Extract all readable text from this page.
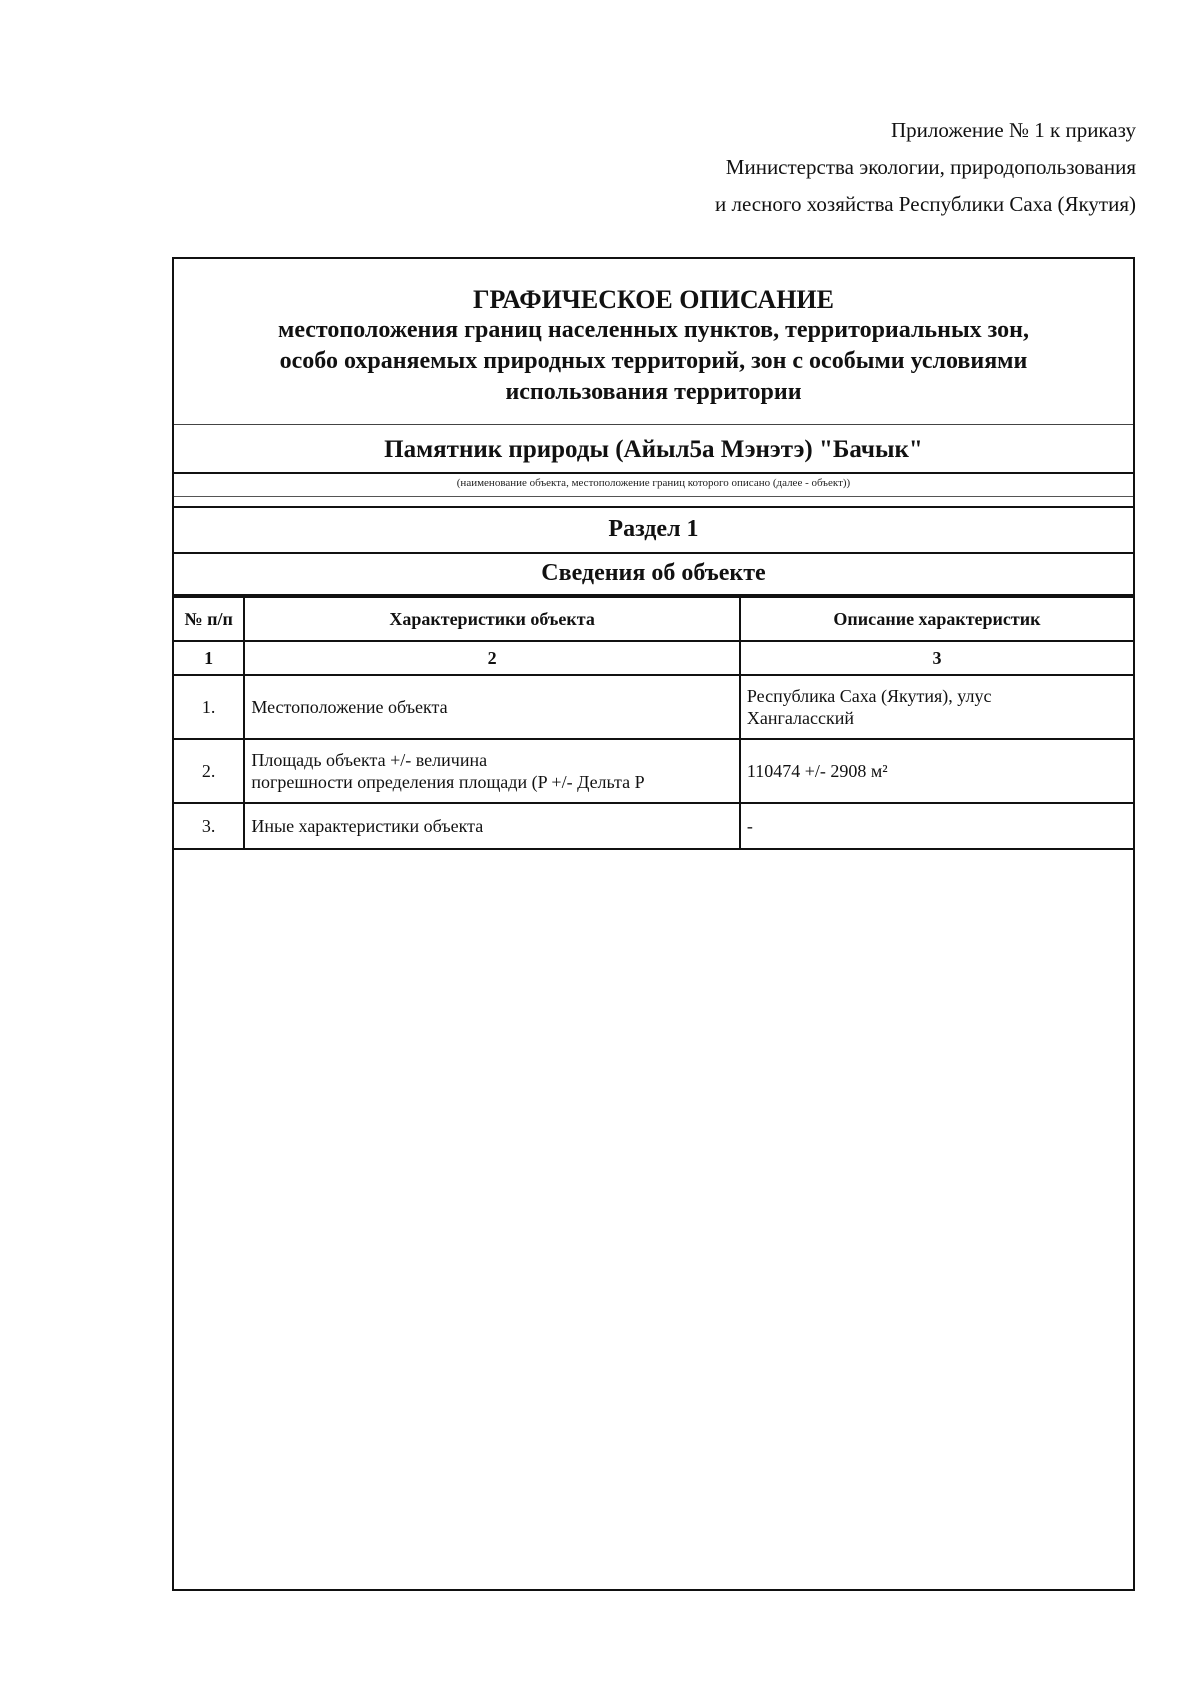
Приложение № 1 к приказу
Министерства экологии, природопользования
и лесного хозяйства Республики Саха (Якутия)
ГРАФИЧЕСКОЕ ОПИСАНИЕ
местоположения границ населенных пунктов, территориальных зон,
особо охраняемых природных территорий, зон с особыми условиями
использования территории
Памятник природы (Айыл5а Мэнэтэ) "Бачык"
(наименование объекта, местоположение границ которого описано (далее - объект))
Раздел 1
Сведения об объекте
№ п/п	Характеристики объекта	Описание характеристик
1	2	3
1.	Местоположение объекта	Республика Саха (Якутия), улус
Хангаласский

2.	Площадь объекта +/- величина
погрешности определения площади (P +/- Дельта P	110474 +/- 2908 м²

3.	Иные характеристики объекта	-
